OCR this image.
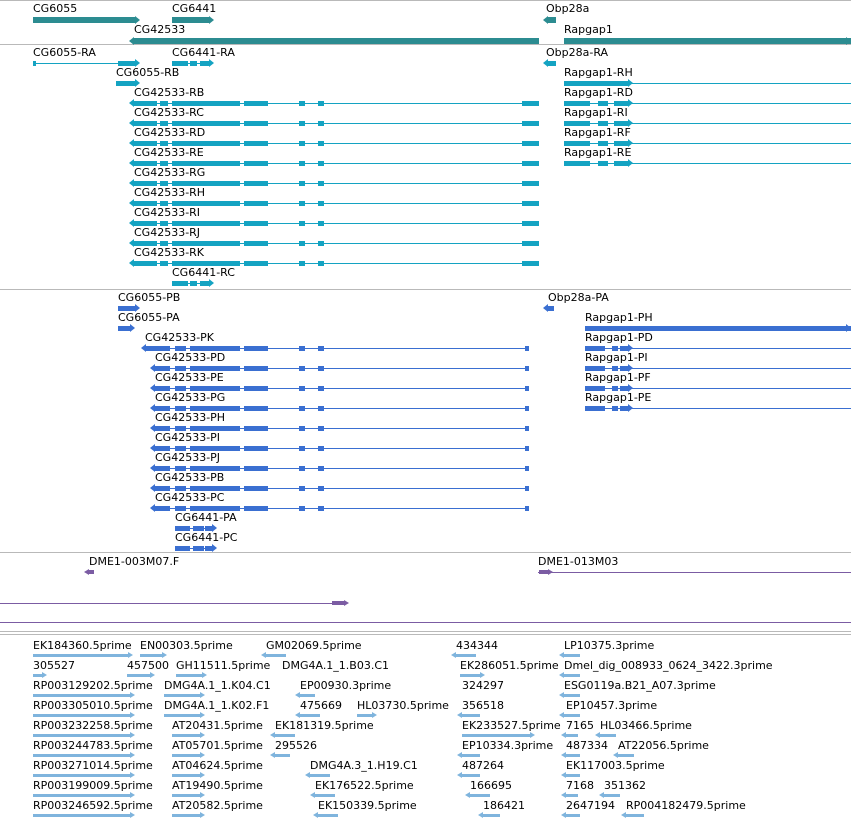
CG6055	CG6441
CG42533
Obp28a
Rapgap1
CG6055-RA	CG6441-RA
CG6055-RB
Obp28a-RA
Rapgap1-RH
CG42533-RB	Rapgap1-RD
CG42533-RC	Rapgap1-RI
CG42533-RD	Rapgap1-RF
CG42533-RE	Rapgap1-RE
CG42533-RG
CG42533-RH
CG42533-RI
CG42533-RJ
CG42533-RK
CG6441-RC
CG6055-PB	Obp28a-PA
CG6055-PA	Rapgap1-PH
CG42533-PK	Rapgap1-PD
CG42533-PD	Rapgap1-PI
CG42533-PE	Rapgap1-PF
CG42533-PG	Rapgap1-PE
CG42533-PH
CG42533-PI
CG42533-PJ
CG42533-PB
CG42533-PC
CG6441-PA
CG6441-PC
DME1-003M07.F	DME1-013M03
EK184360.5prime EN00303.5prime	GM02069.5prime	434344	LP10375.3prime
305527	457500 GH11511.5prime DMG4A.1_1.B03.C1	EK286051.5prime Dmel_dig_008933_0624_3422.3prime
RP003129202.5prime DMG4A.1_1.K04.C1	EP00930.3prime	324297	ESG0119a.B21_A07.3prime
RP003305010.5prime DMG4A.1_1.K02.F1	475669 HL03730.5prime 356518	EP10457.3prime
RP003232258.5prime AT20431.5prime EK181319.5prime	EK233527.5prime 7165 HL03466.5prime
RP003244783.5prime AT05701.5prime 295526	EP10334.3prime 487334 AT22056.5prime
RP003271014.5prime AT04624.5prime	DMG4A.3_1.H19.C1	487264	EK117003.5prime
RP003199009.5prime AT19490.5prime	EK176522.5prime	166695	7168 351362
RP003246592.5prime AT20582.5prime	EK150339.5prime	186421	2647194 RP004182479.5prime
